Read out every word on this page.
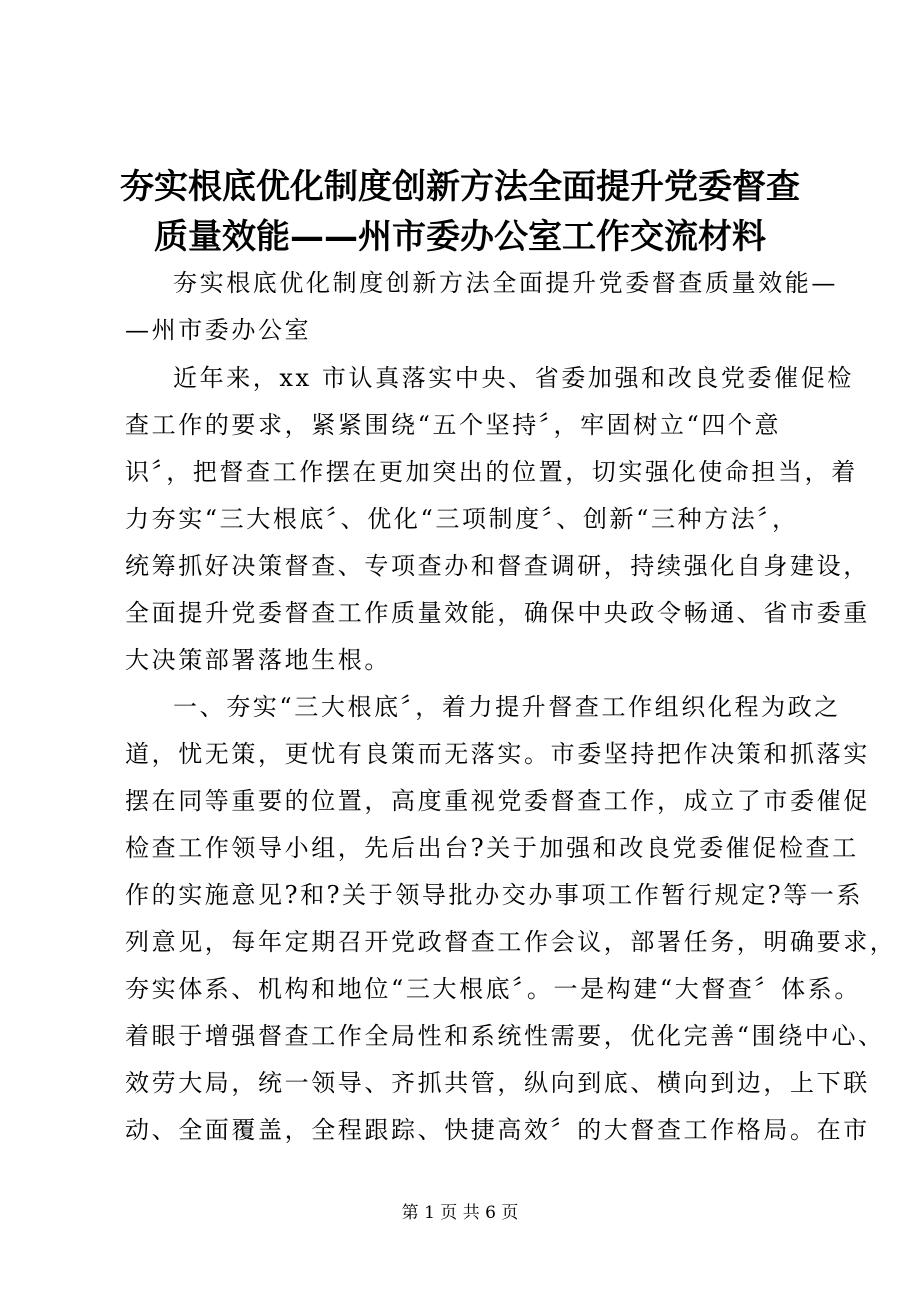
夯实根底优化制度创新方法全面提升党委督查
质量效能——州市委办公室工作交流材料
夯实根底优化制度创新方法全面提升党委督查质量效能—
—州市委办公室
近年来，xx 市认真落实中央、省委加强和改良党委催促检
查工作的要求，紧紧围绕“五个坚持〞，牢固树立“四个意
识〞，把督查工作摆在更加突出的位置，切实强化使命担当，着
力夯实“三大根底〞、优化“三项制度〞、创新“三种方法〞，
统筹抓好决策督查、专项查办和督查调研，持续强化自身建设，
全面提升党委督查工作质量效能，确保中央政令畅通、省市委重
大决策部署落地生根。
一、夯实“三大根底〞，着力提升督查工作组织化程为政之
道，忧无策，更忧有良策而无落实。市委坚持把作决策和抓落实
摆在同等重要的位置，高度重视党委督查工作，成立了市委催促
检查工作领导小组，先后出台?关于加强和改良党委催促检查工
作的实施意见?和?关于领导批办交办事项工作暂行规定?等一系
列意见，每年定期召开党政督查工作会议，部署任务，明确要求，
夯实体系、机构和地位“三大根底〞。一是构建“大督查〞体系。
着眼于增强督查工作全局性和系统性需要，优化完善“围绕中心、
效劳大局，统一领导、齐抓共管，纵向到底、横向到边，上下联
动、全面覆盖，全程跟踪、快捷高效〞的大督查工作格局。在市
第 1 页 共 6 页
